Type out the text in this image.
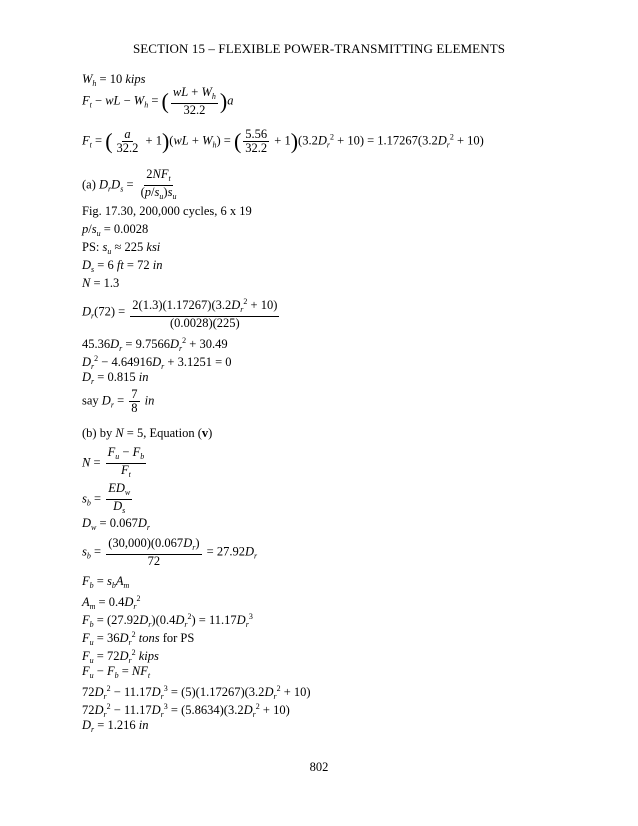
SECTION 15 – FLEXIBLE POWER-TRANSMITTING ELEMENTS
$W_h = 10$ kips
$F_t$ − wL − $W_h$ = ( $\frac{wL + W_h}{32.2} )a$
$F_t$ = ( $\frac{a}{32.2} + 1)(wL + W_h)$ = ( $\frac{5.56}{32.2} + 1)(3.2D_r^2 + 10) = 1.17267(3.2D_r^2 + 10)$
(a) $D_rD_s = \frac{2NF_t}{(p/s_u)s_u}$
Fig. 17.30, 200,000 cycles, 6 x 19
$p/s_u = 0.0028$
PS: $s_u \approx 225$ ksi
$D_s = 6$ ft = 72 in
N = 1.3
$D_r(72) = \frac{2(1.3)(1.17267)(3.2D_r^2 + 10)}{(0.0028)(225)}$
$45.36D_r = 9.7566D_r^2 + 30.49$
$D_r^2 - 4.64916D_r + 3.1251 = 0$
$D_r = 0.815$ in
say $D_r = \frac{7}{8}$ in
(b) by N = 5, Equation (v)
$N = \frac{F_u - F_b}{F_t}$
$s_b = \frac{ED_w}{D_s}$
$D_w = 0.067D_r$
$s_b = \frac{(30,000)(0.067D_r)}{72} = 27.92D_r$
$F_b = s_bA_m$
$A_m = 0.4D_r^2$
$F_b = (27.92D_r)(0.4D_r^2) = 11.17D_r^3$
$F_u = 36D_r^2$ tons for PS
$F_u = 72D_r^2$ kips
$F_u - F_b = NF_t$
$72D_r^2 - 11.17D_r^3 = (5)(1.17267)(3.2D_r^2 + 10)$
$72D_r^2 - 11.17D_r^3 = (5.8634)(3.2D_r^2 + 10)$
$D_r = 1.216$ in
802
